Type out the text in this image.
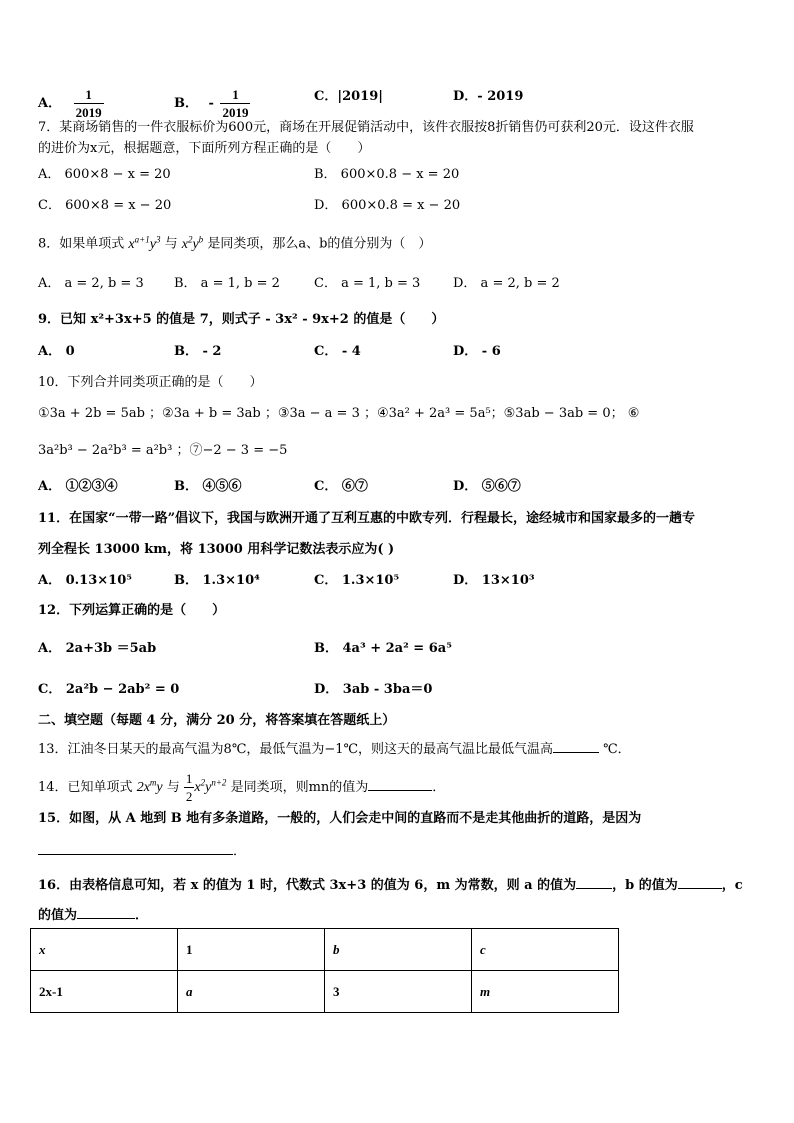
A． $\frac{1}{2019}$	B． - $\frac{1}{2019}$	C．|2019|	D．- 2019
7．某商场销售的一件衣服标价为600元，商场在开展促销活动中，该件衣服按8折销售仍可获利20元．设这件衣服
的进价为x元，根据题意，下面所列方程正确的是（　　）
A． 600×8 − x = 20	B． 600×0.8 − x = 20
C． 600×8 = x − 20	D． 600×0.8 = x − 20
8．如果单项式 $x^{a+1}y^3$ 与 $x^2y^b$ 是同类项，那么a、b的值分别为（　）
A． a = 2, b = 3 B． a = 1, b = 2	C． a = 1, b = 3	D． a = 2, b = 2
9．已知 x²+3x+5 的值是 7，则式子 - 3x² - 9x+2 的值是（　　）
A． 0	B． - 2	C． - 4	D． - 6
10．下列合并同类项正确的是（　　）
①3a + 2b = 5ab ；②3a + b = 3ab ；③3a − a = 3 ；④3a² + 2a³ = 5a⁵；⑤3ab − 3ab = 0； ⑥
3a²b³ − 2a²b³ = a²b³ ；⑦−2 − 3 = −5
A． ①②③④	B． ④⑤⑥	C． ⑥⑦	D． ⑤⑥⑦
11．在国家“一带一路”倡议下，我国与欧洲开通了互利互惠的中欧专列．行程最长，途经城市和国家最多的一趟专
列全程长 13000 km，将 13000 用科学记数法表示应为( )
A． 0.13×10⁵	B． 1.3×10⁴	C． 1.3×10⁵	D． 13×10³
12．下列运算正确的是（　　）
A． 2a+3b ＝5ab	B． 4a³ + 2a² = 6a⁵
C． 2a²b − 2ab² = 0	D． 3ab - 3ba＝0
二、填空题（每题 4 分，满分 20 分，将答案填在答题纸上）
13．江油冬日某天的最高气温为8℃，最低气温为−1℃，则这天的最高气温比最低气温高	℃．
14．已知单项式 $2x^my$ 与 $\frac{1}{2} x^2y^{n+2}$ 是同类项，则mn的值为	．
15．如图，从 A 地到 B 地有多条道路，一般的，人们会走中间的直路而不是走其他曲折的道路，是因为
．
16．由表格信息可知，若 x 的值为 1 时，代数式 3x+3 的值为 6，m 为常数，则 a 的值为	，b 的值为	，c
的值为	．
x	1	b	c
2x-1	a	3	m
